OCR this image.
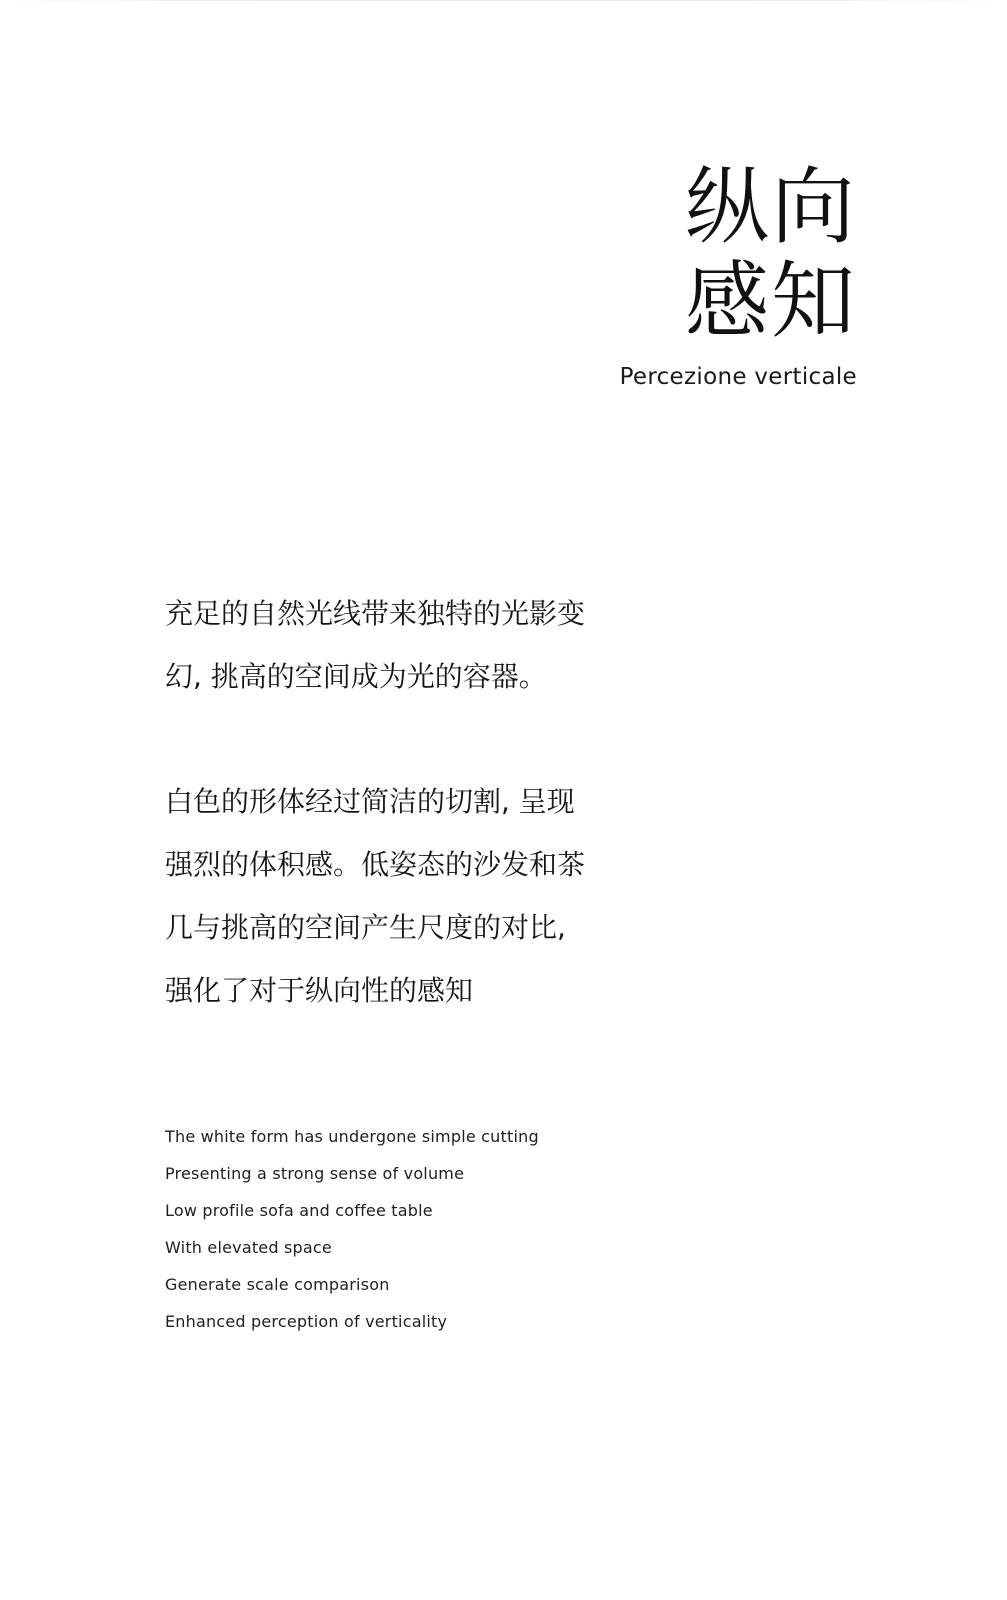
纵向
感知
Percezione verticale
充足的自然光线带来独特的光影变
幻, 挑高的空间成为光的容器。
白色的形体经过简洁的切割, 呈现
强烈的体积感。低姿态的沙发和茶
几与挑高的空间产生尺度的对比,
强化了对于纵向性的感知
The white form has undergone simple cutting
Presenting a strong sense of volume
Low profile sofa and coffee table
With elevated space
Generate scale comparison
Enhanced perception of verticality
